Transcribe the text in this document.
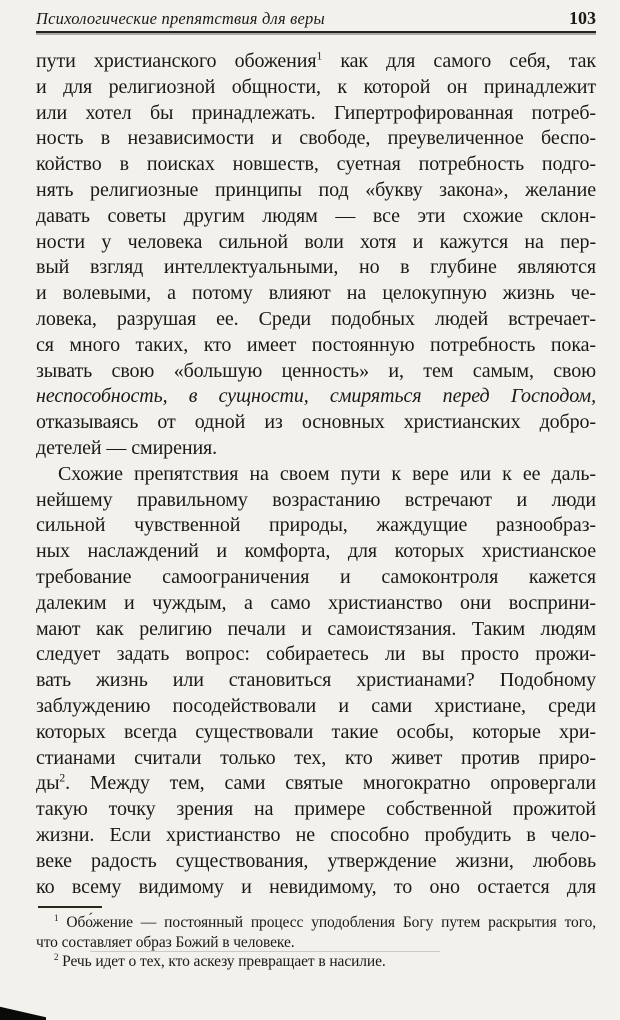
Психологические препятствия для веры	103
пути христианского обожения$^1$ как для самого себя, так
и для религиозной общности, к которой он принадлежит
или хотел бы принадлежать. Гипертрофированная потреб-
ность в независимости и свободе, преувеличенное беспо-
койство в поисках новшеств, суетная потребность подго-
нять религиозные принципы под «букву закона», желание
давать советы другим людям — все эти схожие склон-
ности у человека сильной воли хотя и кажутся на пер-
вый взгляд интеллектуальными, но в глубине являются
и волевыми, а потому влияют на целокупную жизнь че-
ловека, разрушая ее. Среди подобных людей встречает-
ся много таких, кто имеет постоянную потребность пока-
зывать свою «большую ценность» и, тем самым, свою
неспособность, в сущности, смиряться перед Господом,
отказываясь от одной из основных христианских добро-
детелей — смирения.
Схожие препятствия на своем пути к вере или к ее даль-
нейшему правильному возрастанию встречают и люди
сильной чувственной природы, жаждущие разнообраз-
ных наслаждений и комфорта, для которых христианское
требование самоограничения и самоконтроля кажется
далеким и чуждым, а само христианство они восприни-
мают как религию печали и самоистязания. Таким людям
следует задать вопрос: собираетесь ли вы просто прожи-
вать жизнь или становиться христианами? Подобному
заблуждению посодействовали и сами христиане, среди
которых всегда существовали такие особы, которые хри-
стианами считали только тех, кто живет против приро-
$ды^2$. Между тем, сами святые многократно опровергали
такую точку зрения на примере собственной прожитой
жизни. Если христианство не способно пробудить в чело-
веке радость существования, утверждение жизни, любовь
ко всему видимому и невидимому, то оно остается для
$^1$ Обо́жение — постоянный процесс уподобления Богу путем раскрытия того,
что составляет образ Божий в человеке.
$^2$ Речь идет о тех, кто аскезу превращает в насилие.
